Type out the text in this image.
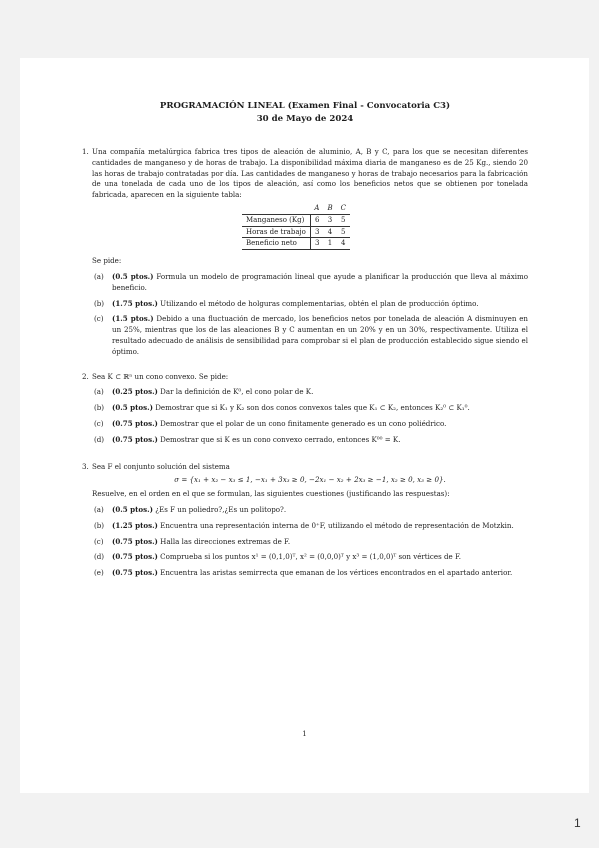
PROGRAMACIÓN LINEAL (Examen Final - Convocatoria C3)
30 de Mayo de 2024
1. Una compañía metalúrgica fabrica tres tipos de aleación de aluminio, A, B y C, para los que se necesitan diferentes cantidades de manganeso y de horas de trabajo. La disponibilidad máxima diaria de manganeso es de 25 Kg., siendo 20 las horas de trabajo contratadas por día. Las cantidades de manganeso y horas de trabajo necesarios para la fabricación de una tonelada de cada uno de los tipos de aleación, así como los beneficios netos que se obtienen por tonelada fabricada, aparecen en la siguiente tabla:

	A	B	C
Manganeso (Kg)	6	3	5
Horas de trabajo	3	4	5
Beneficio neto	3	1	4

Se pide:

(a)	(0.5 ptos.) Formula un modelo de programación lineal que ayude a planificar la producción que lleva al máximo beneficio.
(b)	(1.75 ptos.) Utilizando el método de holguras complementarias, obtén el plan de producción óptimo.
(c)	(1.5 ptos.) Debido a una fluctuación de mercado, los beneficios netos por tonelada de aleación A disminuyen en un 25%, mientras que los de las aleaciones B y C aumentan en un 20% y en un 30%, respectivamente. Utiliza el resultado adecuado de análisis de sensibilidad para comprobar si el plan de producción establecido sigue siendo el óptimo.
2. Sea K ⊂ ℝⁿ un cono convexo. Se pide:

(a)	(0.25 ptos.) Dar la definición de K⁰, el cono polar de K.
(b)	(0.5 ptos.) Demostrar que si K₁ y K₂ son dos conos convexos tales que K₁ ⊂ K₂, entonces K₂⁰ ⊂ K₁⁰.
(c)	(0.75 ptos.) Demostrar que el polar de un cono finitamente generado es un cono poliédrico.
(d)	(0.75 ptos.) Demostrar que si K es un cono convexo cerrado, entonces K⁰⁰ = K.
3. Sea F el conjunto solución del sistema

σ = {x₁ + x₂ − x₃ ≤ 1, −x₁ + 3x₃ ≥ 0, −2x₁ − x₂ + 2x₃ ≥ −1, x₂ ≥ 0, x₃ ≥ 0}.

Resuelve, en el orden en el que se formulan, las siguientes cuestiones (justificando las respuestas):

(a)	(0.5 ptos.) ¿Es F un poliedro?,¿Es un politopo?.
(b)	(1.25 ptos.) Encuentra una representación interna de 0⁺F, utilizando el método de representación de Motzkin.
(c)	(0.75 ptos.) Halla las direcciones extremas de F.
(d)	(0.75 ptos.) Comprueba si los puntos x¹ = (0,1,0)ᵀ, x² = (0,0,0)ᵀ y x³ = (1,0,0)ᵀ son vértices de F.
(e)	(0.75 ptos.) Encuentra las aristas semirrecta que emanan de los vértices encontrados en el apartado anterior.
1
1
